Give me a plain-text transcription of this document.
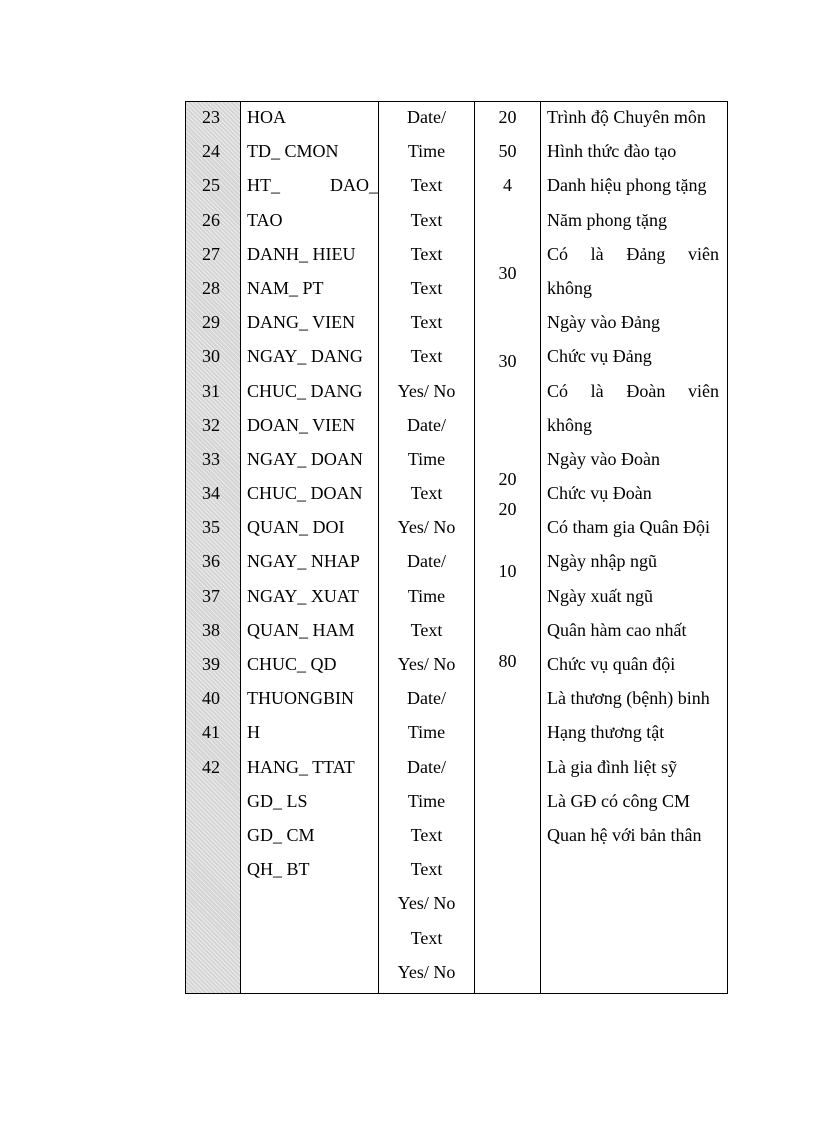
23
24
25
26
27
28
29
30
31
32
33
34
35
36
37
38
39
40
41
42
HOA
TD_ CMON
HT_	DAO_
TAO
DANH_ HIEU
NAM_ PT
DANG_ VIEN
NGAY_ DANG
CHUC_ DANG
DOAN_ VIEN
NGAY_ DOAN
CHUC_ DOAN
QUAN_ DOI
NGAY_ NHAP
NGAY_ XUAT
QUAN_ HAM
CHUC_ QD
THUONGBIN
H
HANG_ TTAT
GD_ LS
GD_ CM
QH_ BT
Date/
Time
Text
Text
Text
Text
Text
Text
Yes/ No
Date/
Time
Text
Yes/ No
Date/
Time
Text
Yes/ No
Date/
Time
Date/
Time
Text
Text
Yes/ No
Text
Yes/ No
20
50
4
30
30
20
20
10
80
Trình độ Chuyên môn
Hình thức đào tạo
Danh hiệu phong tặng
Năm phong tặng
Có là Đảng viên
không
Ngày vào Đảng
Chức vụ Đảng
Có là Đoàn viên
không
Ngày vào Đoàn
Chức vụ Đoàn
Có tham gia Quân Đội
Ngày nhập ngũ
Ngày xuất ngũ
Quân hàm cao nhất
Chức vụ quân đội
Là thương (bệnh) binh
Hạng thương tật
Là gia đình liệt sỹ
Là GĐ có công CM
Quan hệ với bản thân
